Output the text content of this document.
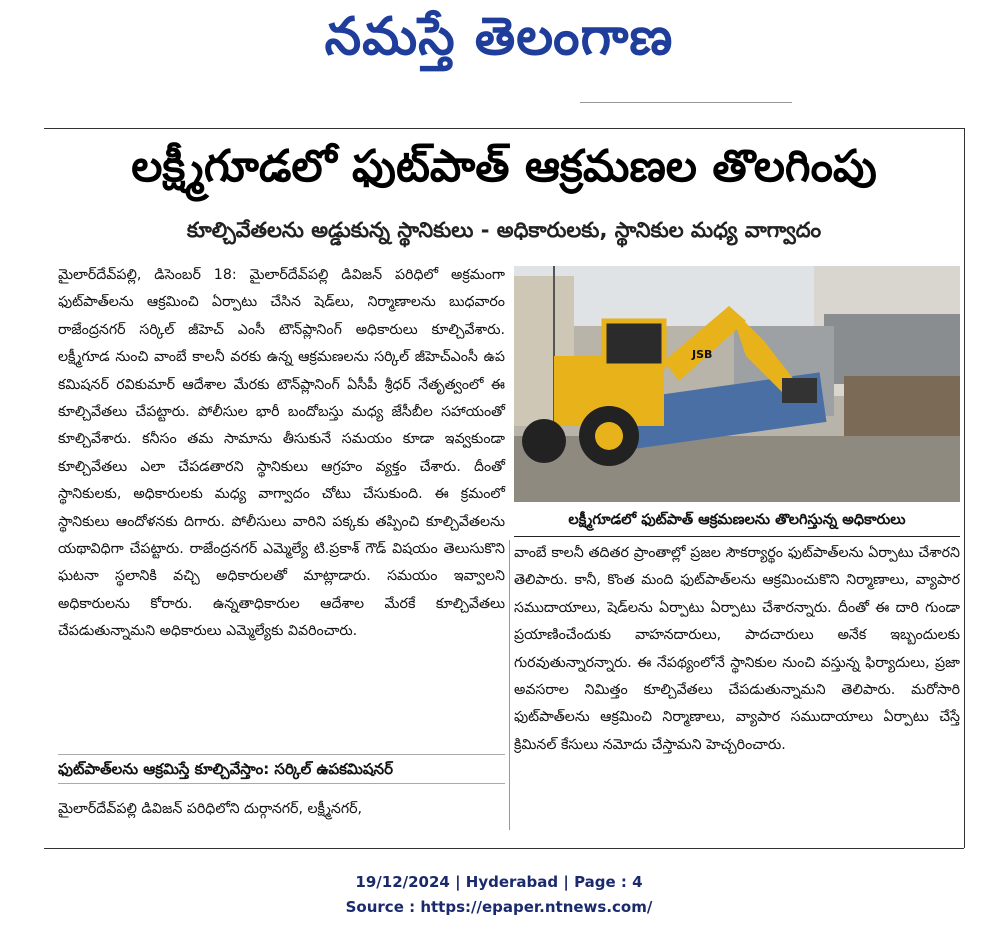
నమస్తే తెలంగాణ
లక్ష్మీగూడలో ఫుట్‌పాత్ ఆక్రమణల తొలగింపు
కూల్చివేతలను అడ్డుకున్న స్థానికులు - అధికారులకు, స్థానికుల మధ్య వాగ్వాదం

మైలార్‌దేవ్‌పల్లి, డిసెంబర్ 18: మైలార్‌దేవ్‌పల్లి డివిజన్ పరిధిలో అక్రమంగా ఫుట్‌పాత్‌లను ఆక్రమించి ఏర్పాటు చేసిన షెడ్‌లు, నిర్మాణాలను బుధవారం రాజేంద్రనగర్ సర్కిల్ జీహెచ్ ఎంసీ టౌన్‌ప్లానింగ్ అధికారులు కూల్చివేశారు. లక్ష్మీగూడ నుంచి వాంబే కాలనీ వరకు ఉన్న ఆక్రమణలను సర్కిల్ జీహెచ్‌ఎంసీ ఉప కమిషనర్ రవికుమార్ ఆదేశాల మేరకు టౌన్‌ప్లానింగ్ ఏసీపీ శ్రీధర్ నేతృత్వంలో ఈ కూల్చివేతలు చేపట్టారు. పోలీసుల భారీ బందోబస్తు మధ్య జేసీబీల సహాయంతో కూల్చివేశారు. కనీసం తమ సామాను తీసుకునే సమయం కూడా ఇవ్వకుండా కూల్చివేతలు ఎలా చేపడతారని స్థానికులు ఆగ్రహం వ్యక్తం చేశారు. దీంతో స్థానికులకు, అధికారులకు మధ్య వాగ్వాదం చోటు చేసుకుంది. ఈ క్రమంలో స్థానికులు ఆందోళనకు దిగారు. పోలీసులు వారిని పక్కకు తప్పించి కూల్చివేతలను యథావిధిగా చేపట్టారు. రాజేంద్రనగర్ ఎమ్మెల్యే టి.ప్రకాశ్ గౌడ్ విషయం తెలుసుకొని ఘటనా స్థలానికి వచ్చి అధికారులతో మాట్లాడారు. సమయం ఇవ్వాలని అధికారులను కోరారు. ఉన్నతాధికారుల ఆదేశాల మేరకే కూల్చివేతలు చేపడుతున్నామని అధికారులు ఎమ్మెల్యేకు వివరించారు.

JSB
లక్ష్మీగూడలో ఫుట్‌పాత్ ఆక్రమణలను తొలగిస్తున్న అధికారులు

వాంబే కాలనీ తదితర ప్రాంతాల్లో ప్రజల సౌకర్యార్థం ఫుట్‌పాత్‌లను ఏర్పాటు చేశారని తెలిపారు. కానీ, కొంత మంది ఫుట్‌పాత్‌లను ఆక్రమించుకొని నిర్మాణాలు, వ్యాపార సముదాయాలు, షెడ్‌లను ఏర్పాటు ఏర్పాటు చేశారన్నారు. దీంతో ఈ దారి గుండా ప్రయాణించేందుకు వాహనదారులు, పాదచారులు అనేక ఇబ్బందులకు గురవుతున్నారన్నారు. ఈ నేపథ్యంలోనే స్థానికుల నుంచి వస్తున్న ఫిర్యాదులు, ప్రజా అవసరాల నిమిత్తం కూల్చివేతలు చేపడుతున్నామని తెలిపారు. మరోసారి ఫుట్‌పాత్‌లను ఆక్రమించి నిర్మాణాలు, వ్యాపార సముదాయాలు ఏర్పాటు చేస్తే క్రిమినల్ కేసులు నమోదు చేస్తామని హెచ్చరించారు.

ఫుట్‌పాత్‌లను ఆక్రమిస్తే కూల్చివేస్తాం: సర్కిల్ ఉపకమిషనర్

మైలార్‌దేవ్‌పల్లి డివిజన్ పరిధిలోని దుర్గానగర్, లక్ష్మీనగర్,

19/12/2024 | Hyderabad | Page : 4
Source : https://epaper.ntnews.com/
